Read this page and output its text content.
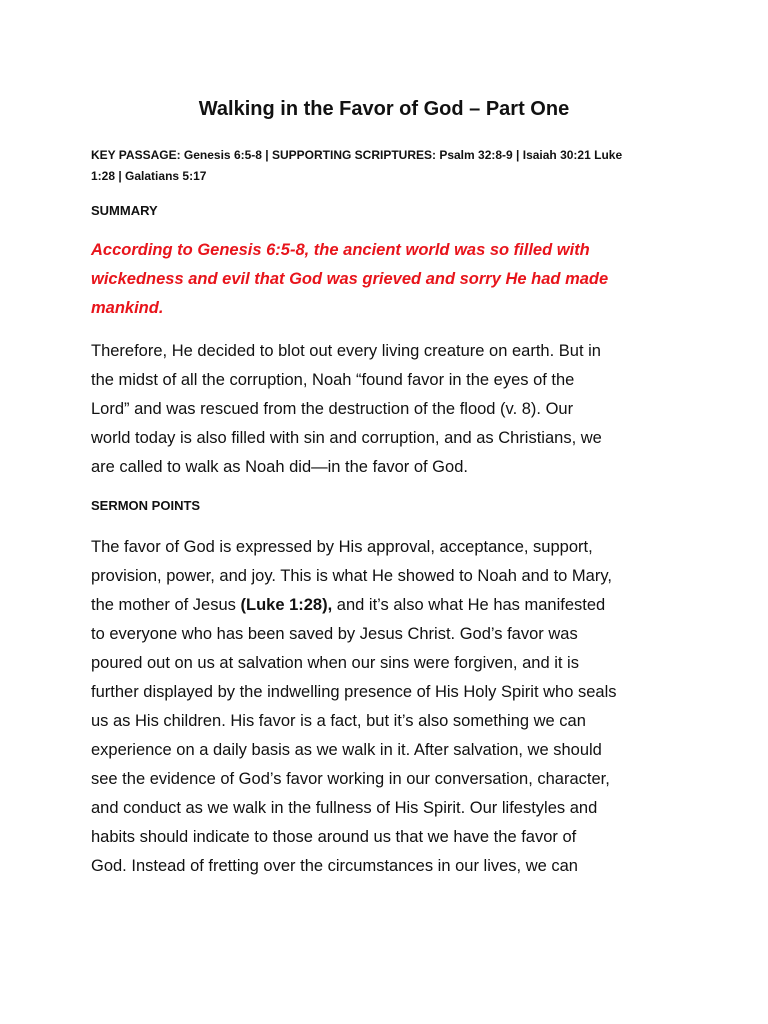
Walking in the Favor of God – Part One

KEY PASSAGE: Genesis 6:5-8 | SUPPORTING SCRIPTURES: Psalm 32:8-9 | Isaiah 30:21 Luke
1:28 | Galatians 5:17

SUMMARY

According to Genesis 6:5-8, the ancient world was so filled with
wickedness and evil that God was grieved and sorry He had made
mankind.

Therefore, He decided to blot out every living creature on earth. But in
the midst of all the corruption, Noah “found favor in the eyes of the
Lord” and was rescued from the destruction of the flood (v. 8). Our
world today is also filled with sin and corruption, and as Christians, we
are called to walk as Noah did—in the favor of God.

SERMON POINTS

The favor of God is expressed by His approval, acceptance, support,
provision, power, and joy. This is what He showed to Noah and to Mary,
the mother of Jesus (Luke 1:28), and it’s also what He has manifested
to everyone who has been saved by Jesus Christ. God’s favor was
poured out on us at salvation when our sins were forgiven, and it is
further displayed by the indwelling presence of His Holy Spirit who seals
us as His children. His favor is a fact, but it’s also something we can
experience on a daily basis as we walk in it. After salvation, we should
see the evidence of God’s favor working in our conversation, character,
and conduct as we walk in the fullness of His Spirit. Our lifestyles and
habits should indicate to those around us that we have the favor of
God. Instead of fretting over the circumstances in our lives, we can
